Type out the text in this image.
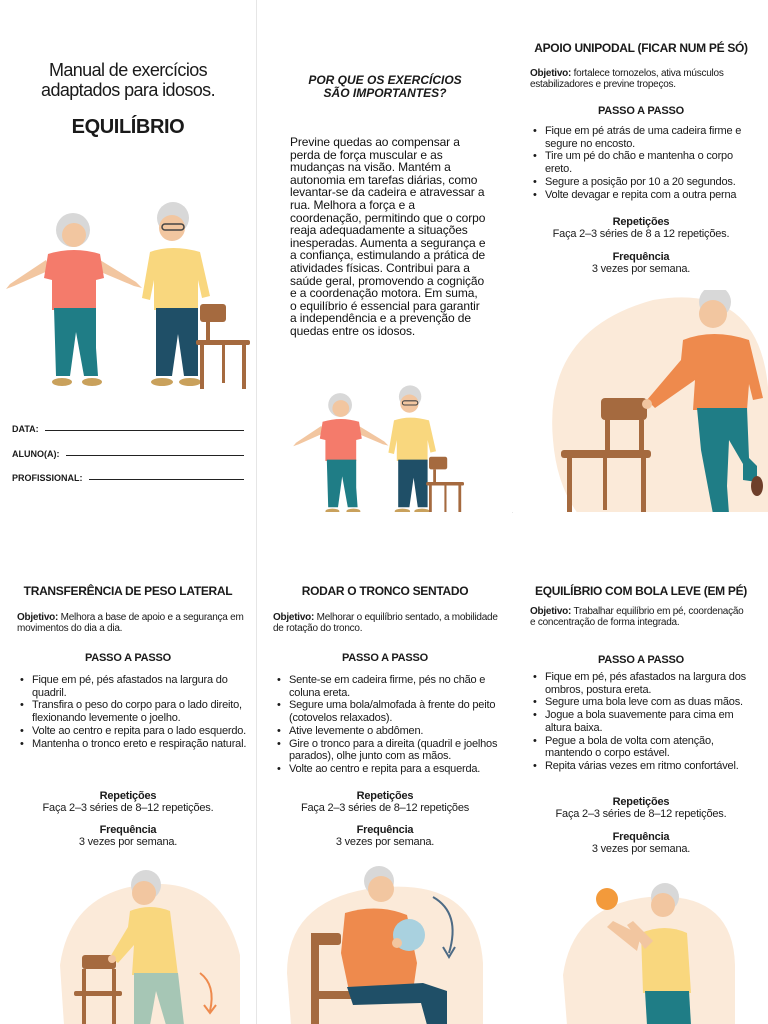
Manual de exercícios
adaptados para idosos.
EQUILÍBRIO
DATA:
ALUNO(A):
PROFISSIONAL:
POR QUE OS EXERCÍCIOS
SÃO IMPORTANTES?

Previne quedas ao compensar a perda de força muscular e as mudanças na visão. Mantém a autonomia em tarefas diárias, como levantar-se da cadeira e atravessar a rua. Melhora a força e a coordenação, permitindo que o corpo reaja adequadamente a situações inesperadas. Aumenta a segurança e a confiança, estimulando a prática de atividades físicas. Contribui para a saúde geral, promovendo a cognição e a coordenação motora. Em suma, o equilíbrio é essencial para garantir a independência e a prevenção de quedas entre os idosos.

APOIO UNIPODAL (FICAR NUM PÉ SÓ)
Objetivo: fortalece tornozelos, ativa músculos estabilizadores e previne tropeços.
PASSO A PASSO
• Fique em pé atrás de uma cadeira firme e segure no encosto.
• Tire um pé do chão e mantenha o corpo ereto.
• Segure a posição por 10 a 20 segundos.
• Volte devagar e repita com a outra perna
Repetições
Faça 2–3 séries de 8 a 12 repetições.
Frequência
3 vezes por semana.
TRANSFERÊNCIA DE PESO LATERAL
Objetivo: Melhora a base de apoio e a segurança em movimentos do dia a dia.
PASSO A PASSO
• Fique em pé, pés afastados na largura do quadril.
• Transfira o peso do corpo para o lado direito, flexionando levemente o joelho.
• Volte ao centro e repita para o lado esquerdo.
• Mantenha o tronco ereto e respiração natural.
Repetições
Faça 2–3 séries de 8–12 repetições.
Frequência
3 vezes por semana.
RODAR O TRONCO SENTADO
Objetivo: Melhorar o equilíbrio sentado, a mobilidade de rotação do tronco.
PASSO A PASSO
• Sente-se em cadeira firme, pés no chão e coluna ereta.
• Segure uma bola/almofada à frente do peito (cotovelos relaxados).
• Ative levemente o abdômen.
• Gire o tronco para a direita (quadril e joelhos parados), olhe junto com as mãos.
• Volte ao centro e repita para a esquerda.
Repetições
Faça 2–3 séries de 8–12 repetições
Frequência
3 vezes por semana.
EQUILÍBRIO COM BOLA LEVE (EM PÉ)
Objetivo: Trabalhar equilíbrio em pé, coordenação e concentração de forma integrada.
PASSO A PASSO
• Fique em pé, pés afastados na largura dos ombros, postura ereta.
• Segure uma bola leve com as duas mãos.
• Jogue a bola suavemente para cima em altura baixa.
• Pegue a bola de volta com atenção, mantendo o corpo estável.
• Repita várias vezes em ritmo confortável.
Repetições
Faça 2–3 séries de 8–12 repetições.
Frequência
3 vezes por semana.
